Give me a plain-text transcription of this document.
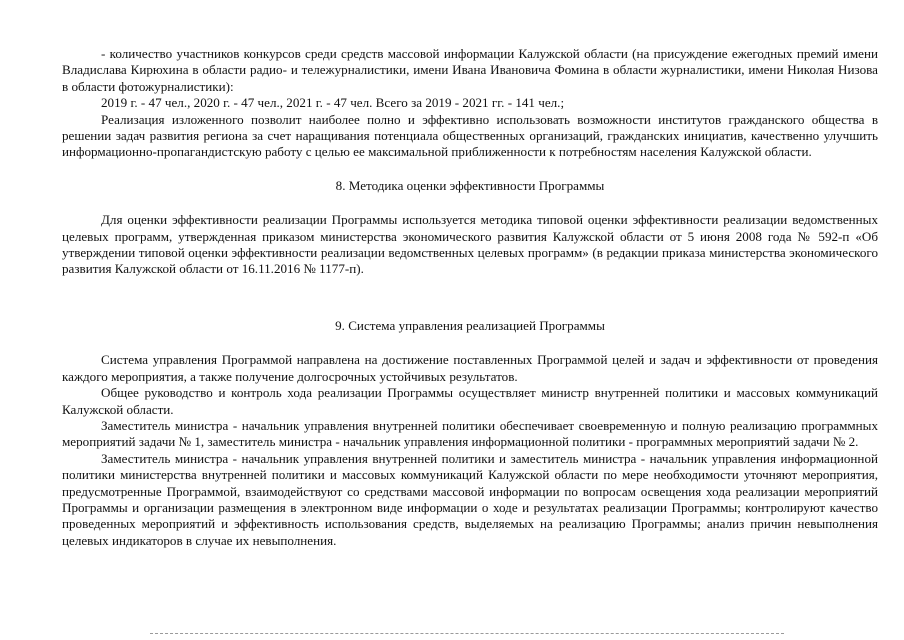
- количество участников конкурсов среди средств массовой информации Калужской области (на присуждение ежегодных премий имени Владислава Кирюхина в области радио- и тележурналистики, имени Ивана Ивановича Фомина в области журналистики, имени Николая Низова в области фотожурналистики):

2019 г. - 47 чел., 2020 г. - 47 чел., 2021 г. - 47 чел. Всего за 2019 - 2021 гг. - 141 чел.;

Реализация изложенного позволит наиболее полно и эффективно использовать возможности институтов гражданского общества в решении задач развития региона за счет наращивания потенциала общественных организаций, гражданских инициатив, качественно улучшить информационно-пропагандистскую работу с целью ее максимальной приближенности к потребностям населения Калужской области.

8. Методика оценки эффективности Программы

Для оценки эффективности реализации Программы используется методика типовой оценки эффективности реализации ведомственных целевых программ, утвержденная приказом министерства экономического развития Калужской области от 5 июня 2008 года № 592-п «Об утверждении типовой оценки эффективности реализации ведомственных целевых программ» (в редакции приказа министерства экономического развития Калужской области от 16.11.2016 № 1177-п).

9. Система управления реализацией Программы

Система управления Программой направлена на достижение поставленных Программой целей и задач и эффективности от проведения каждого мероприятия, а также получение долгосрочных устойчивых результатов.

Общее руководство и контроль хода реализации Программы осуществляет министр внутренней политики и массовых коммуникаций Калужской области.

Заместитель министра - начальник управления внутренней политики обеспечивает своевременную и полную реализацию программных мероприятий задачи № 1, заместитель министра - начальник управления информационной политики - программных мероприятий задачи № 2.

Заместитель министра - начальник управления внутренней политики и заместитель министра - начальник управления информационной политики министерства внутренней политики и массовых коммуникаций Калужской области по мере необходимости уточняют мероприятия, предусмотренные Программой, взаимодействуют со средствами массовой информации по вопросам освещения хода реализации мероприятий Программы и организации размещения в электронном виде информации о ходе и результатах реализации Программы; контролируют качество проведенных мероприятий и эффективность использования средств, выделяемых на реализацию Программы; анализ причин невыполнения целевых индикаторов в случае их невыполнения.
